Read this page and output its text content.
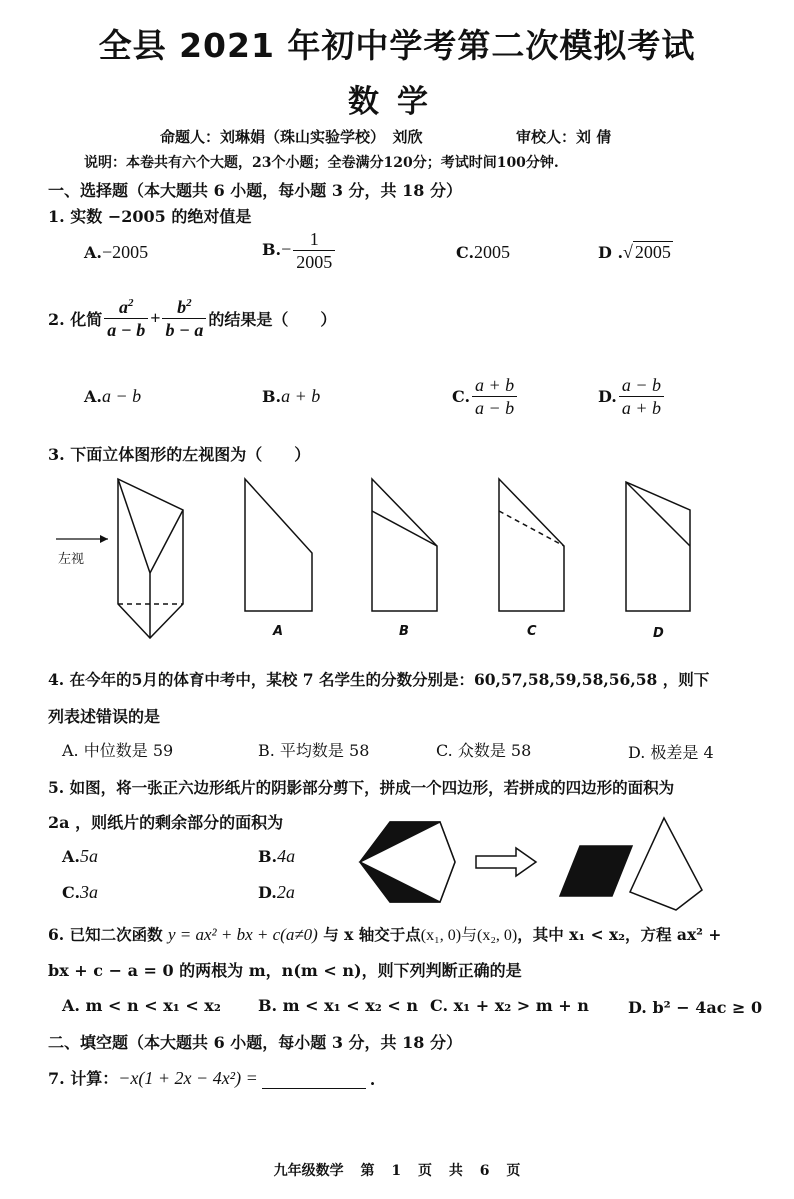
全县 2021 年初中学考第二次模拟考试
数学
命题人：刘琳娟（珠山实验学校）　刘欣	审校人：刘 倩
说明：本卷共有六个大题，23个小题；全卷满分120分；考试时间100分钟.
一、选择题（本大题共 6 小题，每小题 3 分，共 18 分）
1. 实数 −2005 的绝对值是
A.−2005	$B.- \frac{1}{2005}$	C.2005	D .√ 2005
2. 化简 $\frac{a^2}{a - b} + \frac{b^2}{b - a}$ 的结果是（　　）
A.a − b	B.a + b	C. $\frac{a + b}{a - b}$	D. $\frac{a - b}{a + b}$
3. 下面立体图形的左视图为（　　）
左视
A	B	C	D
4. 在今年的5月的体育中考中，某校 7 名学生的分数分别是：60,57,58,59,58,56,58 ，则下
列表述错误的是
A. 中位数是 59	B. 平均数是 58	C. 众数是 58	D. 极差是 4
5. 如图，将一张正六边形纸片的阴影部分剪下，拼成一个四边形，若拼成的四边形的面积为
2a ，则纸片的剩余部分的面积为
A.5a	B.4a
C.3a	D.2a
6. 已知二次函数 y = ax² + bx + c(a≠0) 与 x 轴交于点(x₁, 0)与(x₂, 0)，其中 x₁ < x₂，方程 ax² +
bx + c − a = 0 的两根为 m，n(m < n)，则下列判断正确的是
A. m < n < x₁ < x₂ B. m < x₁ < x₂ < n C. x₁ + x₂ > m + n D. b² − 4ac ≥ 0
二、填空题（本大题共 6 小题，每小题 3 分，共 18 分）
7. 计算： −x(1 + 2x − 4x²) =	.
九年级数学 第 1 页 共 6 页
